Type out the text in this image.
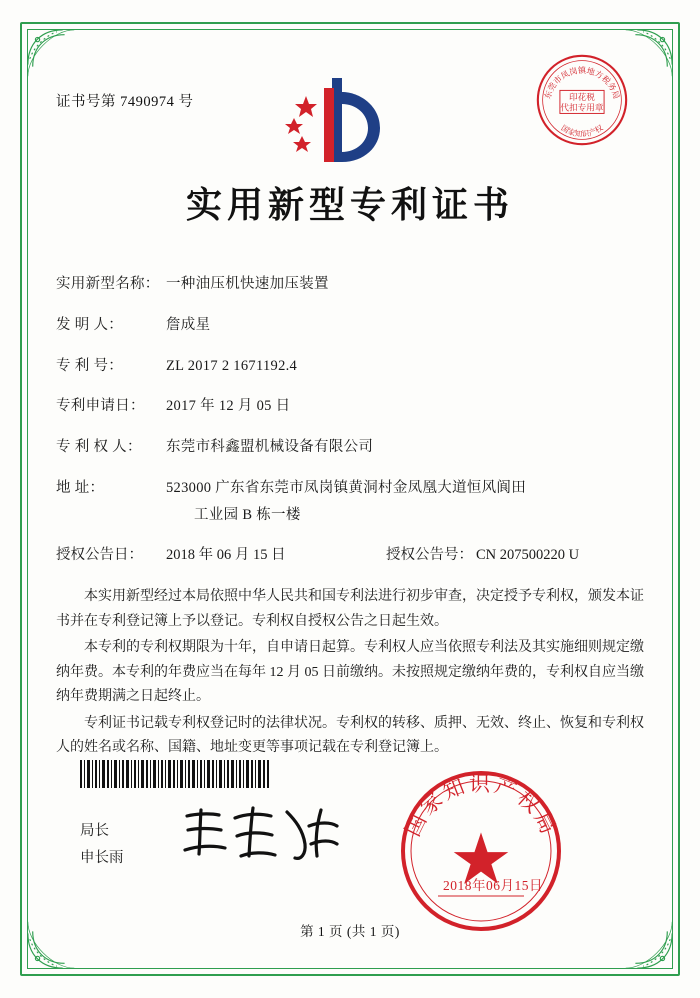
东莞市凤岗镇地方税务局
印花税
代扣专用章
国家知识产权
证书号第 7490974 号
实用新型专利证书
实用新型名称： 一种油压机快速加压装置
发 明 人：	詹成星
专 利 号：	ZL 2017 2 1671192.4
专利申请日：	2017 年 12 月 05 日
专 利 权 人：	东莞市科鑫盟机械设备有限公司
地 址：	523000 广东省东莞市凤岗镇黄洞村金凤凰大道恒风阆田
工业园 B 栋一楼
授权公告日：	2018 年 06 月 15 日	授权公告号： CN 207500220 U

本实用新型经过本局依照中华人民共和国专利法进行初步审查，决定授予专利权，颁发本证书并在专利登记簿上予以登记。专利权自授权公告之日起生效。

本专利的专利权期限为十年，自申请日起算。专利权人应当依照专利法及其实施细则规定缴纳年费。本专利的年费应当在每年 12 月 05 日前缴纳。未按照规定缴纳年费的，专利权自应当缴纳年费期满之日起终止。

专利证书记载专利权登记时的法律状况。专利权的转移、质押、无效、终止、恢复和专利权人的姓名或名称、国籍、地址变更等事项记载在专利登记簿上。

局长
申长雨
国家知识产权局
2018年06月15日
第 1 页 (共 1 页)
